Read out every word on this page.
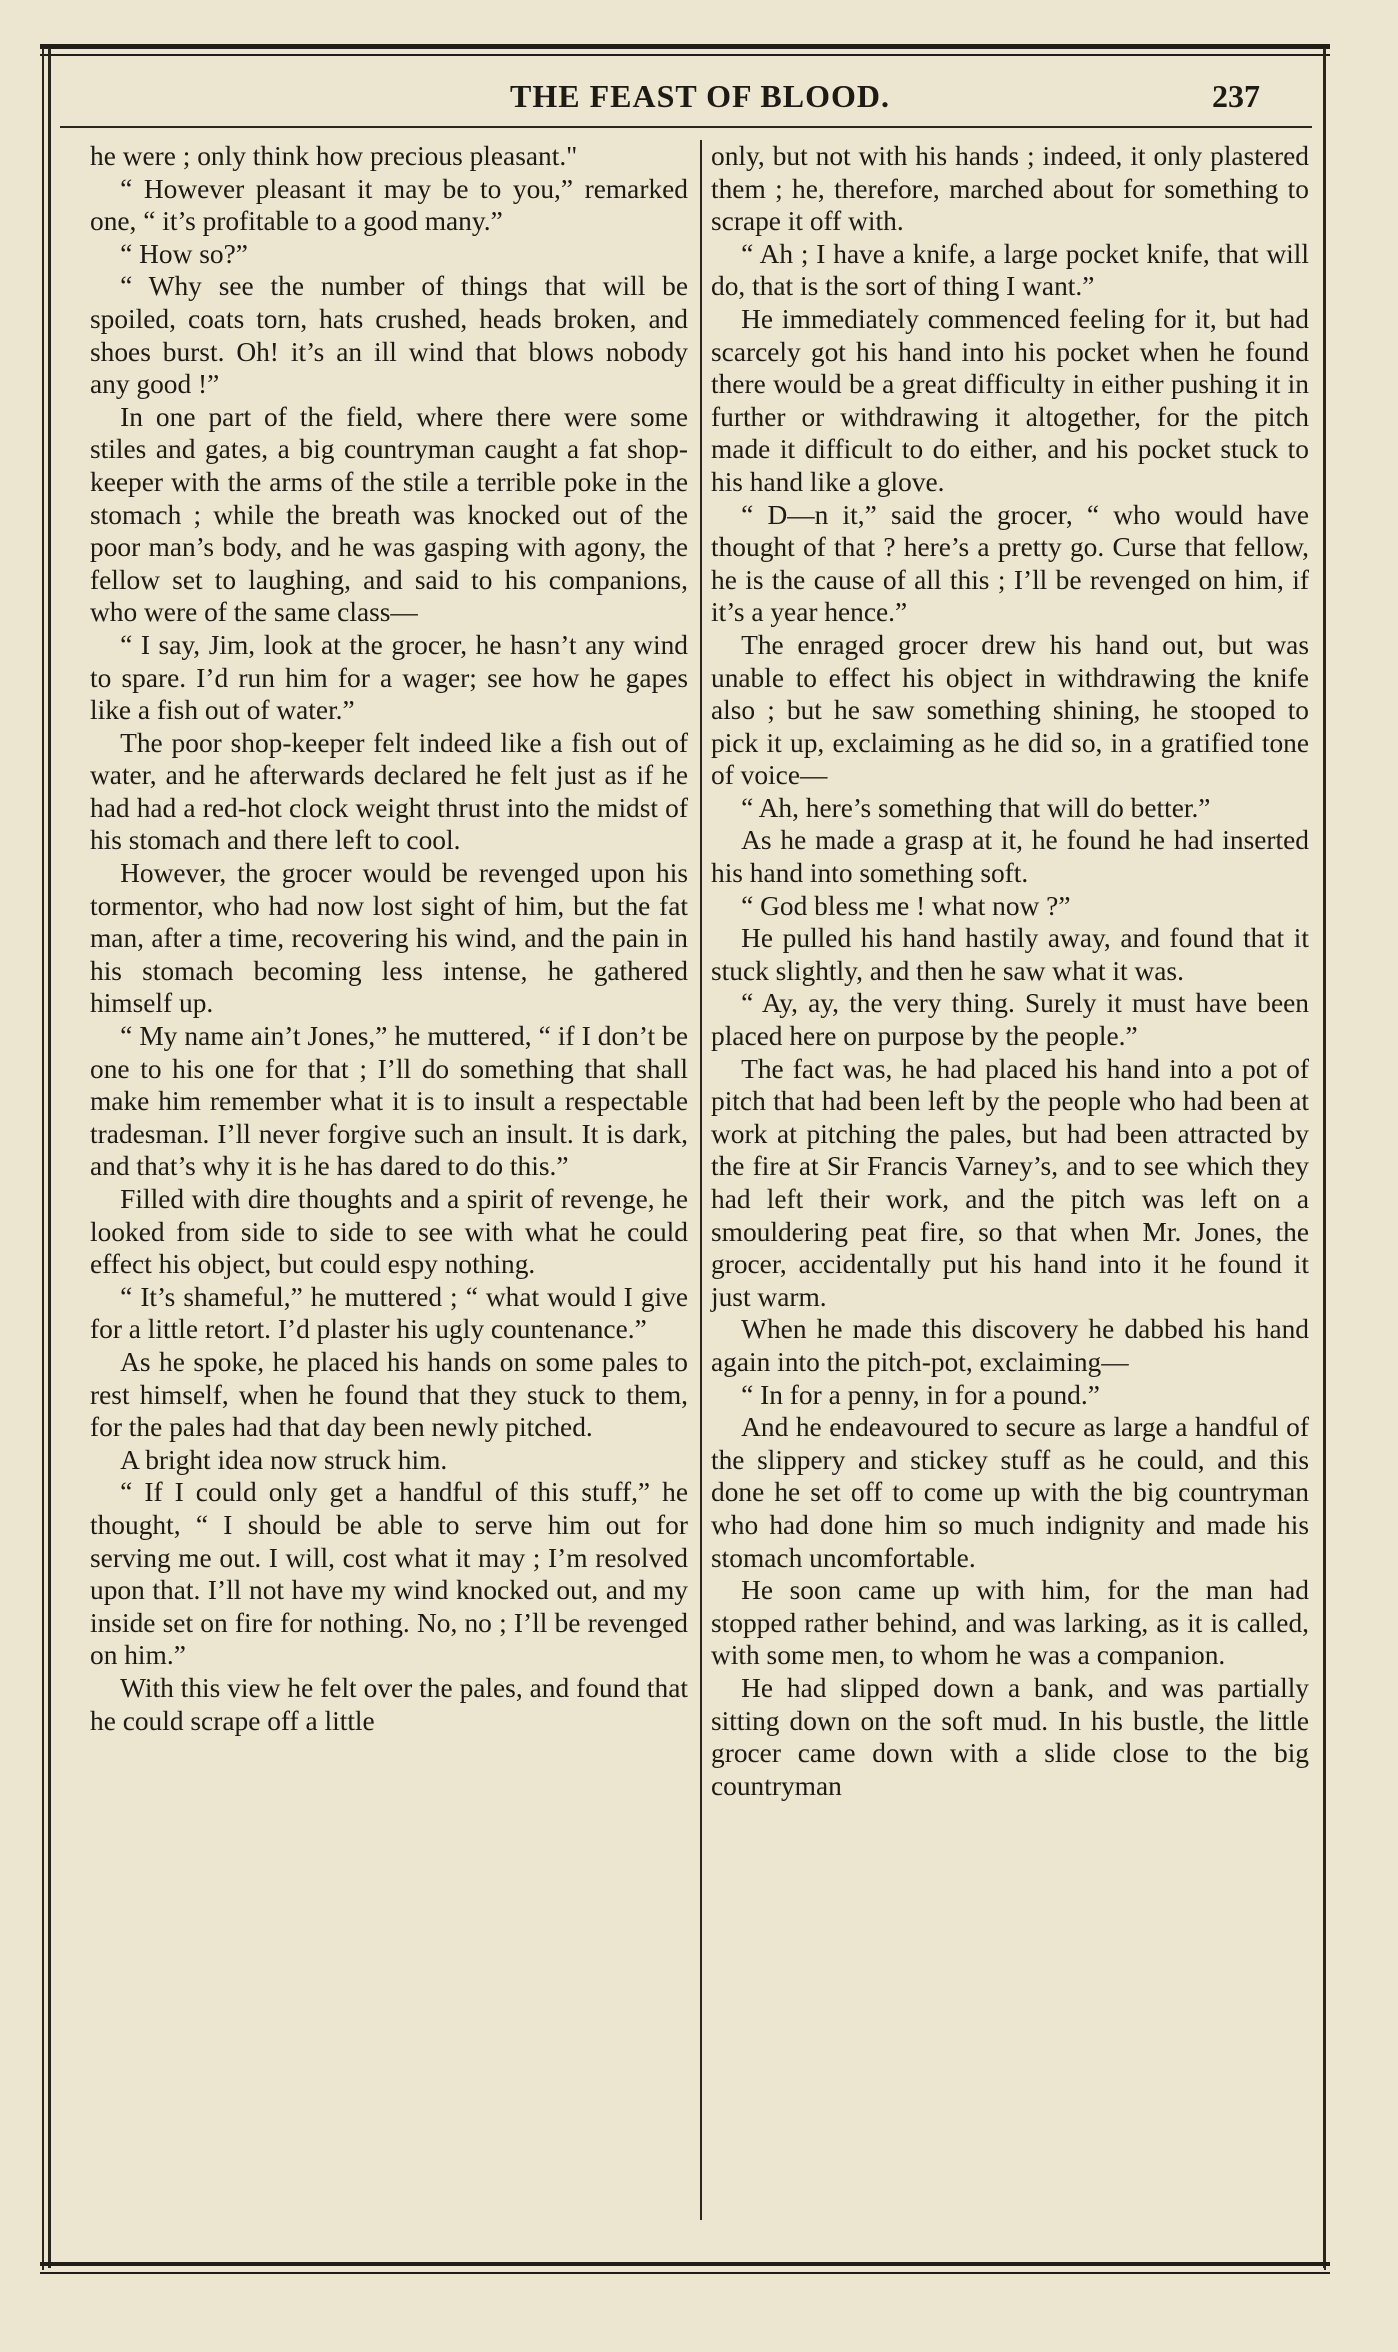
THE FEAST OF BLOOD.	237

he were ; only think how precious pleasant."

“ However pleasant it may be to you,” remarked one, “ it’s profitable to a good many.”

“ How so?”

“ Why see the number of things that will be spoiled, coats torn, hats crushed, heads broken, and shoes burst. Oh! it’s an ill wind that blows nobody any good !”

In one part of the field, where there were some stiles and gates, a big countryman caught a fat shop-keeper with the arms of the stile a terrible poke in the stomach ; while the breath was knocked out of the poor man’s body, and he was gasping with agony, the fellow set to laughing, and said to his companions, who were of the same class—

“ I say, Jim, look at the grocer, he hasn’t any wind to spare. I’d run him for a wager; see how he gapes like a fish out of water.”

The poor shop-keeper felt indeed like a fish out of water, and he afterwards declared he felt just as if he had had a red-hot clock weight thrust into the midst of his stomach and there left to cool.

However, the grocer would be revenged upon his tormentor, who had now lost sight of him, but the fat man, after a time, recovering his wind, and the pain in his stomach becoming less intense, he gathered himself up.

“ My name ain’t Jones,” he muttered, “ if I don’t be one to his one for that ; I’ll do something that shall make him remember what it is to insult a respectable tradesman. I’ll never forgive such an insult. It is dark, and that’s why it is he has dared to do this.”

Filled with dire thoughts and a spirit of revenge, he looked from side to side to see with what he could effect his object, but could espy nothing.

“ It’s shameful,” he muttered ; “ what would I give for a little retort. I’d plaster his ugly countenance.”

As he spoke, he placed his hands on some pales to rest himself, when he found that they stuck to them, for the pales had that day been newly pitched.

A bright idea now struck him.

“ If I could only get a handful of this stuff,” he thought, “ I should be able to serve him out for serving me out. I will, cost what it may ; I’m resolved upon that. I’ll not have my wind knocked out, and my inside set on fire for nothing. No, no ; I’ll be revenged on him.”

With this view he felt over the pales, and found that he could scrape off a little

only, but not with his hands ; indeed, it only plastered them ; he, therefore, marched about for something to scrape it off with.

“ Ah ; I have a knife, a large pocket knife, that will do, that is the sort of thing I want.”

He immediately commenced feeling for it, but had scarcely got his hand into his pocket when he found there would be a great difficulty in either pushing it in further or withdrawing it altogether, for the pitch made it difficult to do either, and his pocket stuck to his hand like a glove.

“ D—n it,” said the grocer, “ who would have thought of that ? here’s a pretty go. Curse that fellow, he is the cause of all this ; I’ll be revenged on him, if it’s a year hence.”

The enraged grocer drew his hand out, but was unable to effect his object in withdrawing the knife also ; but he saw something shining, he stooped to pick it up, exclaiming as he did so, in a gratified tone of voice—

“ Ah, here’s something that will do better.”

As he made a grasp at it, he found he had inserted his hand into something soft.

“ God bless me ! what now ?”

He pulled his hand hastily away, and found that it stuck slightly, and then he saw what it was.

“ Ay, ay, the very thing. Surely it must have been placed here on purpose by the people.”

The fact was, he had placed his hand into a pot of pitch that had been left by the people who had been at work at pitching the pales, but had been attracted by the fire at Sir Francis Varney’s, and to see which they had left their work, and the pitch was left on a smouldering peat fire, so that when Mr. Jones, the grocer, accidentally put his hand into it he found it just warm.

When he made this discovery he dabbed his hand again into the pitch-pot, exclaiming—

“ In for a penny, in for a pound.”

And he endeavoured to secure as large a handful of the slippery and stickey stuff as he could, and this done he set off to come up with the big countryman who had done him so much indignity and made his stomach uncomfortable.

He soon came up with him, for the man had stopped rather behind, and was larking, as it is called, with some men, to whom he was a companion.

He had slipped down a bank, and was partially sitting down on the soft mud. In his bustle, the little grocer came down with a slide close to the big countryman
